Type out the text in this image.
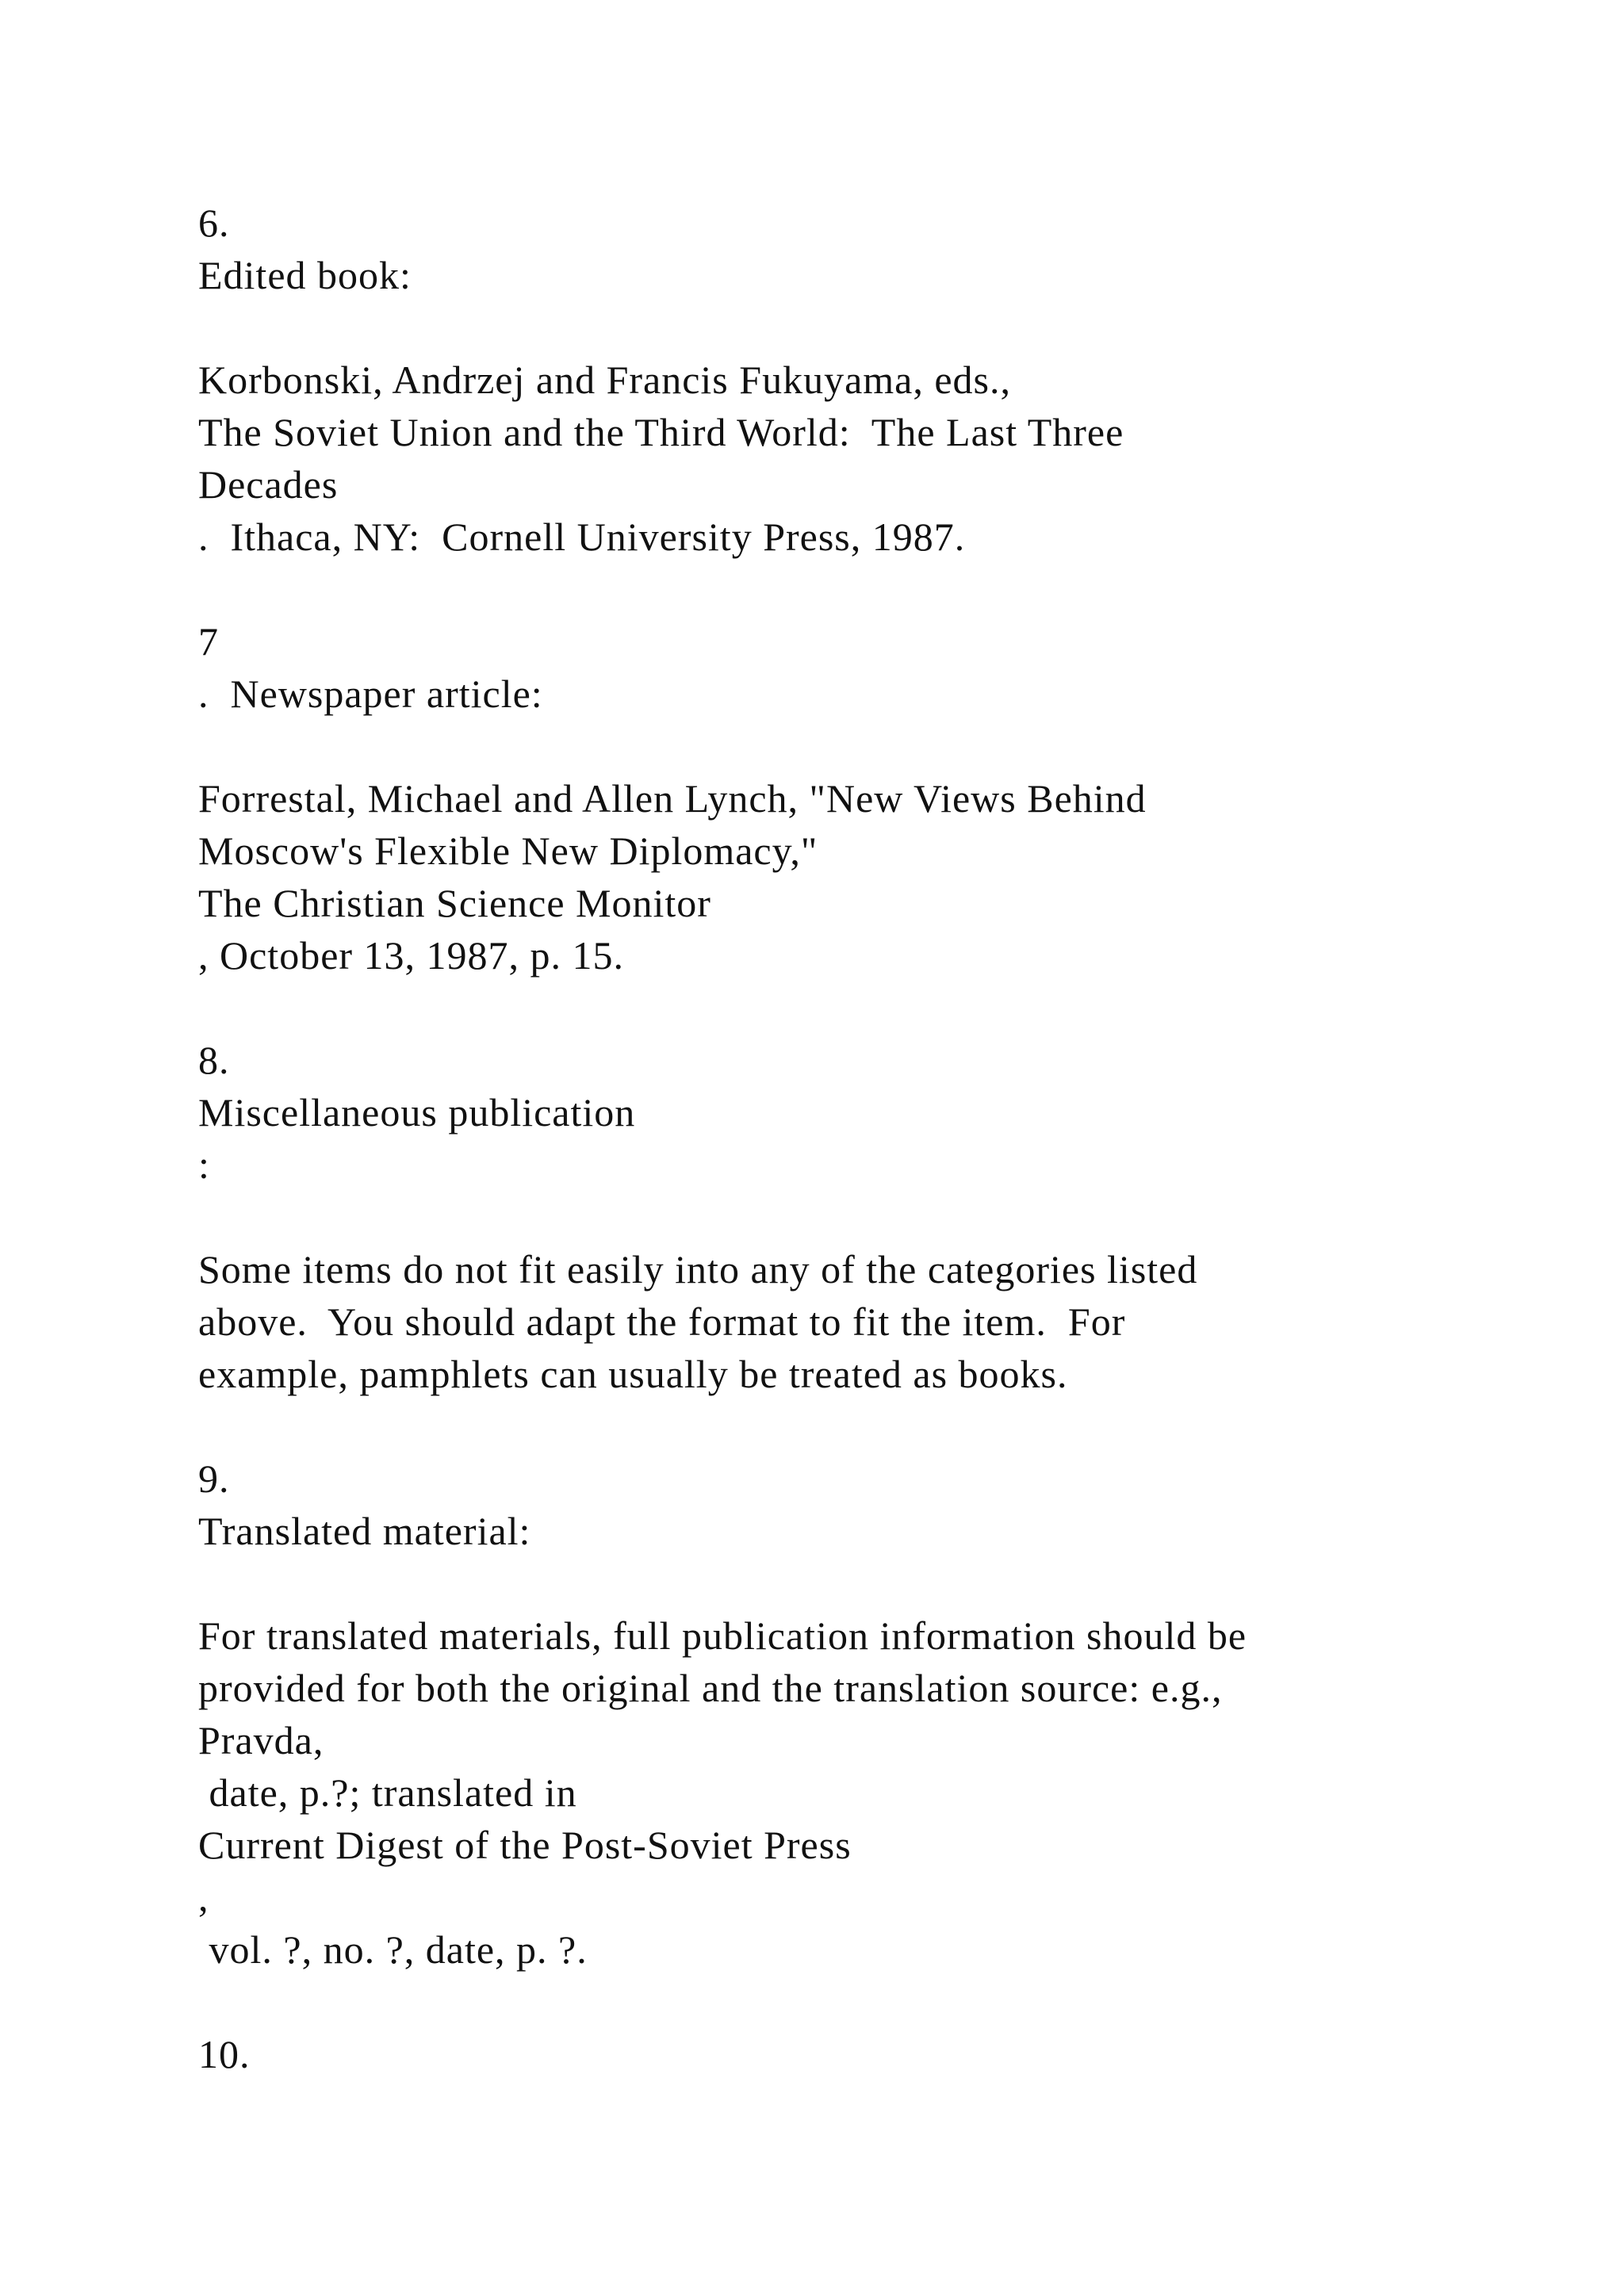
6.
Edited book:
Korbonski, Andrzej and Francis Fukuyama, eds.,
The Soviet Union and the Third World:  The Last Three
Decades
.  Ithaca, NY:  Cornell University Press, 1987.
7
.  Newspaper article:
Forrestal, Michael and Allen Lynch, "New Views Behind
Moscow's Flexible New Diplomacy,"
The Christian Science Monitor
, October 13, 1987, p. 15.
8.
Miscellaneous publication
:
Some items do not fit easily into any of the categories listed
above.  You should adapt the format to fit the item.  For
example, pamphlets can usually be treated as books.
9.
Translated material:
For translated materials, full publication information should be
provided for both the original and the translation source: e.g.,
Pravda,
date, p.?; translated in
Current Digest of the Post-Soviet Press
,
vol. ?, no. ?, date, p. ?.
10.
